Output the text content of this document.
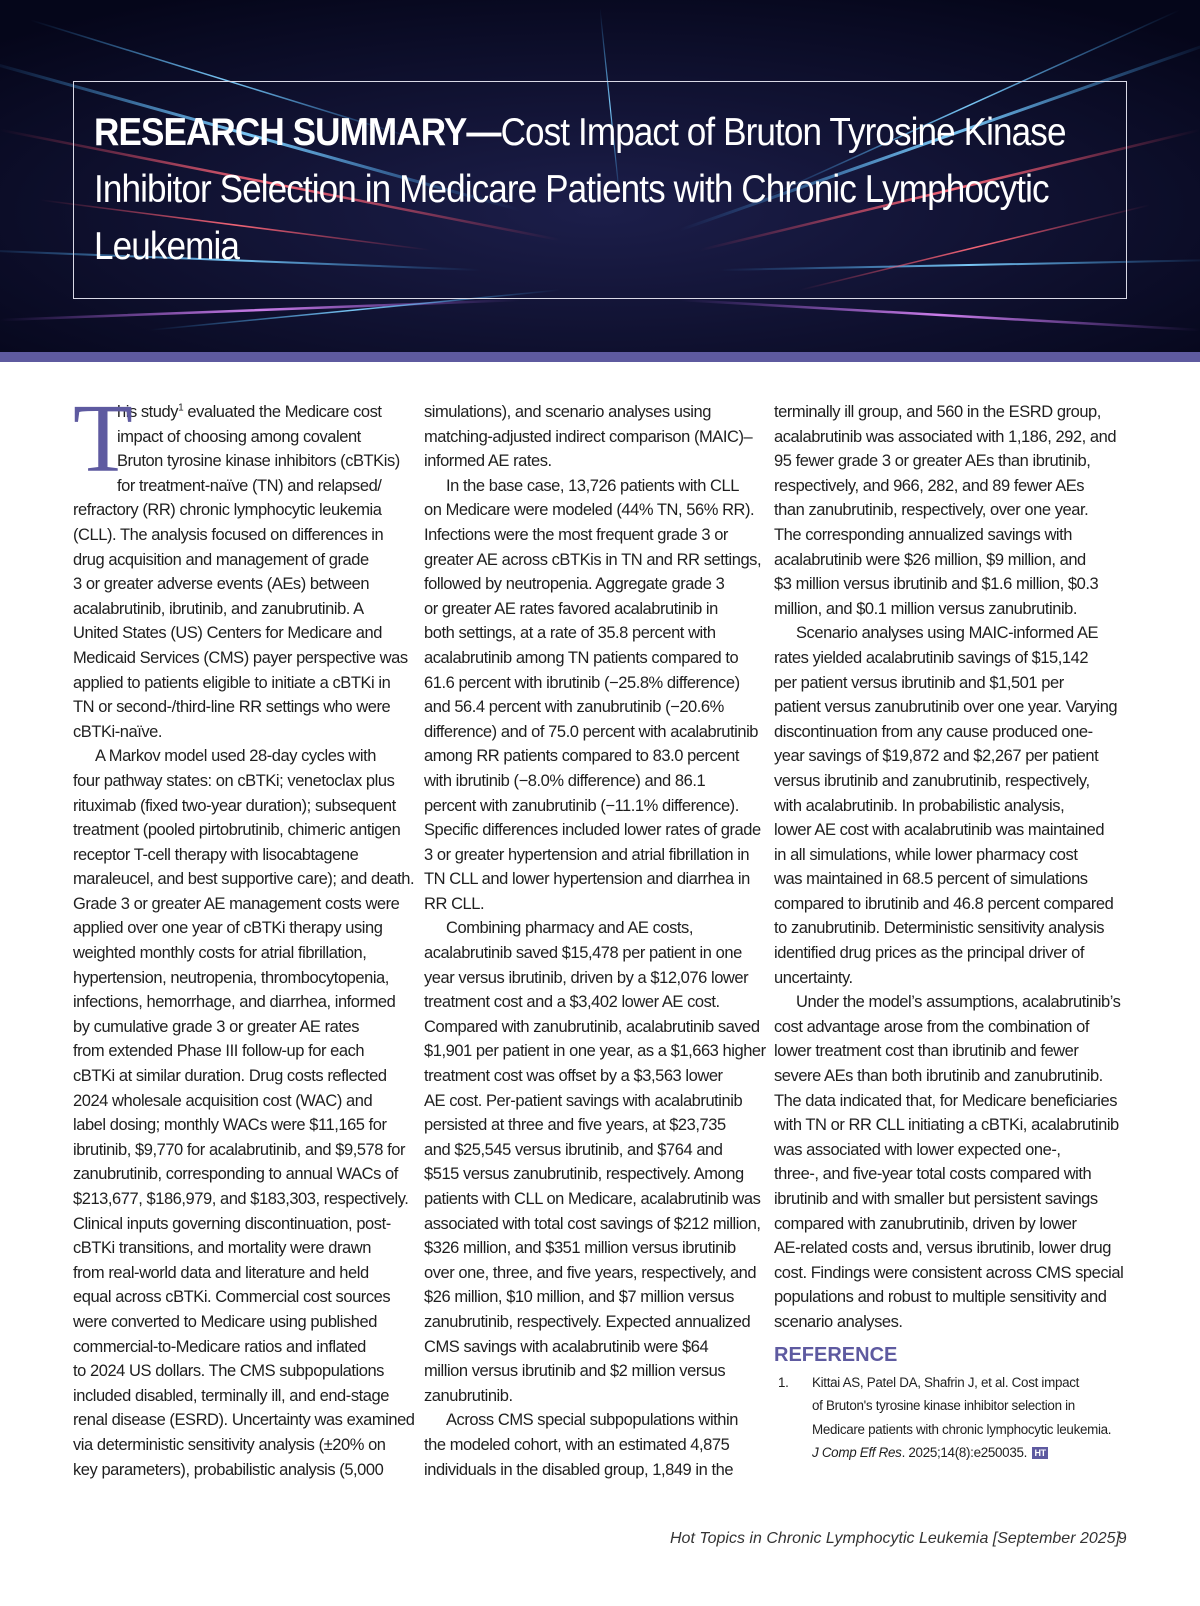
RESEARCH SUMMARY—Cost Impact of Bruton Tyrosine Kinase
Inhibitor Selection in Medicare Patients with Chronic Lymphocytic
Leukemia
T
his study$^1$ evaluated the Medicare cost
impact of choosing among covalent
Bruton tyrosine kinase inhibitors (cBTKis)
for treatment-naïve (TN) and relapsed/
refractory (RR) chronic lymphocytic leukemia
(CLL). The analysis focused on differences in
drug acquisition and management of grade
3 or greater adverse events (AEs) between
acalabrutinib, ibrutinib, and zanubrutinib. A
United States (US) Centers for Medicare and
Medicaid Services (CMS) payer perspective was
applied to patients eligible to initiate a cBTKi in
TN or second-/third-line RR settings who were
cBTKi-naïve.
A Markov model used 28-day cycles with
four pathway states: on cBTKi; venetoclax plus
rituximab (fixed two-year duration); subsequent
treatment (pooled pirtobrutinib, chimeric antigen
receptor T-cell therapy with lisocabtagene
maraleucel, and best supportive care); and death.
Grade 3 or greater AE management costs were
applied over one year of cBTKi therapy using
weighted monthly costs for atrial fibrillation,
hypertension, neutropenia, thrombocytopenia,
infections, hemorrhage, and diarrhea, informed
by cumulative grade 3 or greater AE rates
from extended Phase III follow-up for each
cBTKi at similar duration. Drug costs reflected
2024 wholesale acquisition cost (WAC) and
label dosing; monthly WACs were $11,165 for
ibrutinib, $9,770 for acalabrutinib, and $9,578 for
zanubrutinib, corresponding to annual WACs of
$213,677, $186,979, and $183,303, respectively.
Clinical inputs governing discontinuation, post-
cBTKi transitions, and mortality were drawn
from real-world data and literature and held
equal across cBTKi. Commercial cost sources
were converted to Medicare using published
commercial-to-Medicare ratios and inflated
to 2024 US dollars. The CMS subpopulations
included disabled, terminally ill, and end-stage
renal disease (ESRD). Uncertainty was examined
via deterministic sensitivity analysis (±20% on
key parameters), probabilistic analysis (5,000
simulations), and scenario analyses using
matching-adjusted indirect comparison (MAIC)–
informed AE rates.
In the base case, 13,726 patients with CLL
on Medicare were modeled (44% TN, 56% RR).
Infections were the most frequent grade 3 or
greater AE across cBTKis in TN and RR settings,
followed by neutropenia. Aggregate grade 3
or greater AE rates favored acalabrutinib in
both settings, at a rate of 35.8 percent with
acalabrutinib among TN patients compared to
61.6 percent with ibrutinib (−25.8% difference)
and 56.4 percent with zanubrutinib (−20.6%
difference) and of 75.0 percent with acalabrutinib
among RR patients compared to 83.0 percent
with ibrutinib (−8.0% difference) and 86.1
percent with zanubrutinib (−11.1% difference).
Specific differences included lower rates of grade
3 or greater hypertension and atrial fibrillation in
TN CLL and lower hypertension and diarrhea in
RR CLL.
Combining pharmacy and AE costs,
acalabrutinib saved $15,478 per patient in one
year versus ibrutinib, driven by a $12,076 lower
treatment cost and a $3,402 lower AE cost.
Compared with zanubrutinib, acalabrutinib saved
$1,901 per patient in one year, as a $1,663 higher
treatment cost was offset by a $3,563 lower
AE cost. Per-patient savings with acalabrutinib
persisted at three and five years, at $23,735
and $25,545 versus ibrutinib, and $764 and
$515 versus zanubrutinib, respectively. Among
patients with CLL on Medicare, acalabrutinib was
associated with total cost savings of $212 million,
$326 million, and $351 million versus ibrutinib
over one, three, and five years, respectively, and
$26 million, $10 million, and $7 million versus
zanubrutinib, respectively. Expected annualized
CMS savings with acalabrutinib were $64
million versus ibrutinib and $2 million versus
zanubrutinib.
Across CMS special subpopulations within
the modeled cohort, with an estimated 4,875
individuals in the disabled group, 1,849 in the
terminally ill group, and 560 in the ESRD group,
acalabrutinib was associated with 1,186, 292, and
95 fewer grade 3 or greater AEs than ibrutinib,
respectively, and 966, 282, and 89 fewer AEs
than zanubrutinib, respectively, over one year.
The corresponding annualized savings with
acalabrutinib were $26 million, $9 million, and
$3 million versus ibrutinib and $1.6 million, $0.3
million, and $0.1 million versus zanubrutinib.
Scenario analyses using MAIC-informed AE
rates yielded acalabrutinib savings of $15,142
per patient versus ibrutinib and $1,501 per
patient versus zanubrutinib over one year. Varying
discontinuation from any cause produced one-
year savings of $19,872 and $2,267 per patient
versus ibrutinib and zanubrutinib, respectively,
with acalabrutinib. In probabilistic analysis,
lower AE cost with acalabrutinib was maintained
in all simulations, while lower pharmacy cost
was maintained in 68.5 percent of simulations
compared to ibrutinib and 46.8 percent compared
to zanubrutinib. Deterministic sensitivity analysis
identified drug prices as the principal driver of
uncertainty.
Under the model’s assumptions, acalabrutinib’s
cost advantage arose from the combination of
lower treatment cost than ibrutinib and fewer
severe AEs than both ibrutinib and zanubrutinib.
The data indicated that, for Medicare beneficiaries
with TN or RR CLL initiating a cBTKi, acalabrutinib
was associated with lower expected one-,
three-, and five-year total costs compared with
ibrutinib and with smaller but persistent savings
compared with zanubrutinib, driven by lower
AE-related costs and, versus ibrutinib, lower drug
cost. Findings were consistent across CMS special
populations and robust to multiple sensitivity and
scenario analyses.
REFERENCE
1.	Kittai AS, Patel DA, Shafrin J, et al. Cost impact
of Bruton's tyrosine kinase inhibitor selection in
Medicare patients with chronic lymphocytic leukemia.
J Comp Eff Res. 2025;14(8):e250035. HT
Hot Topics in Chronic Lymphocytic Leukemia [September 2025]
9
